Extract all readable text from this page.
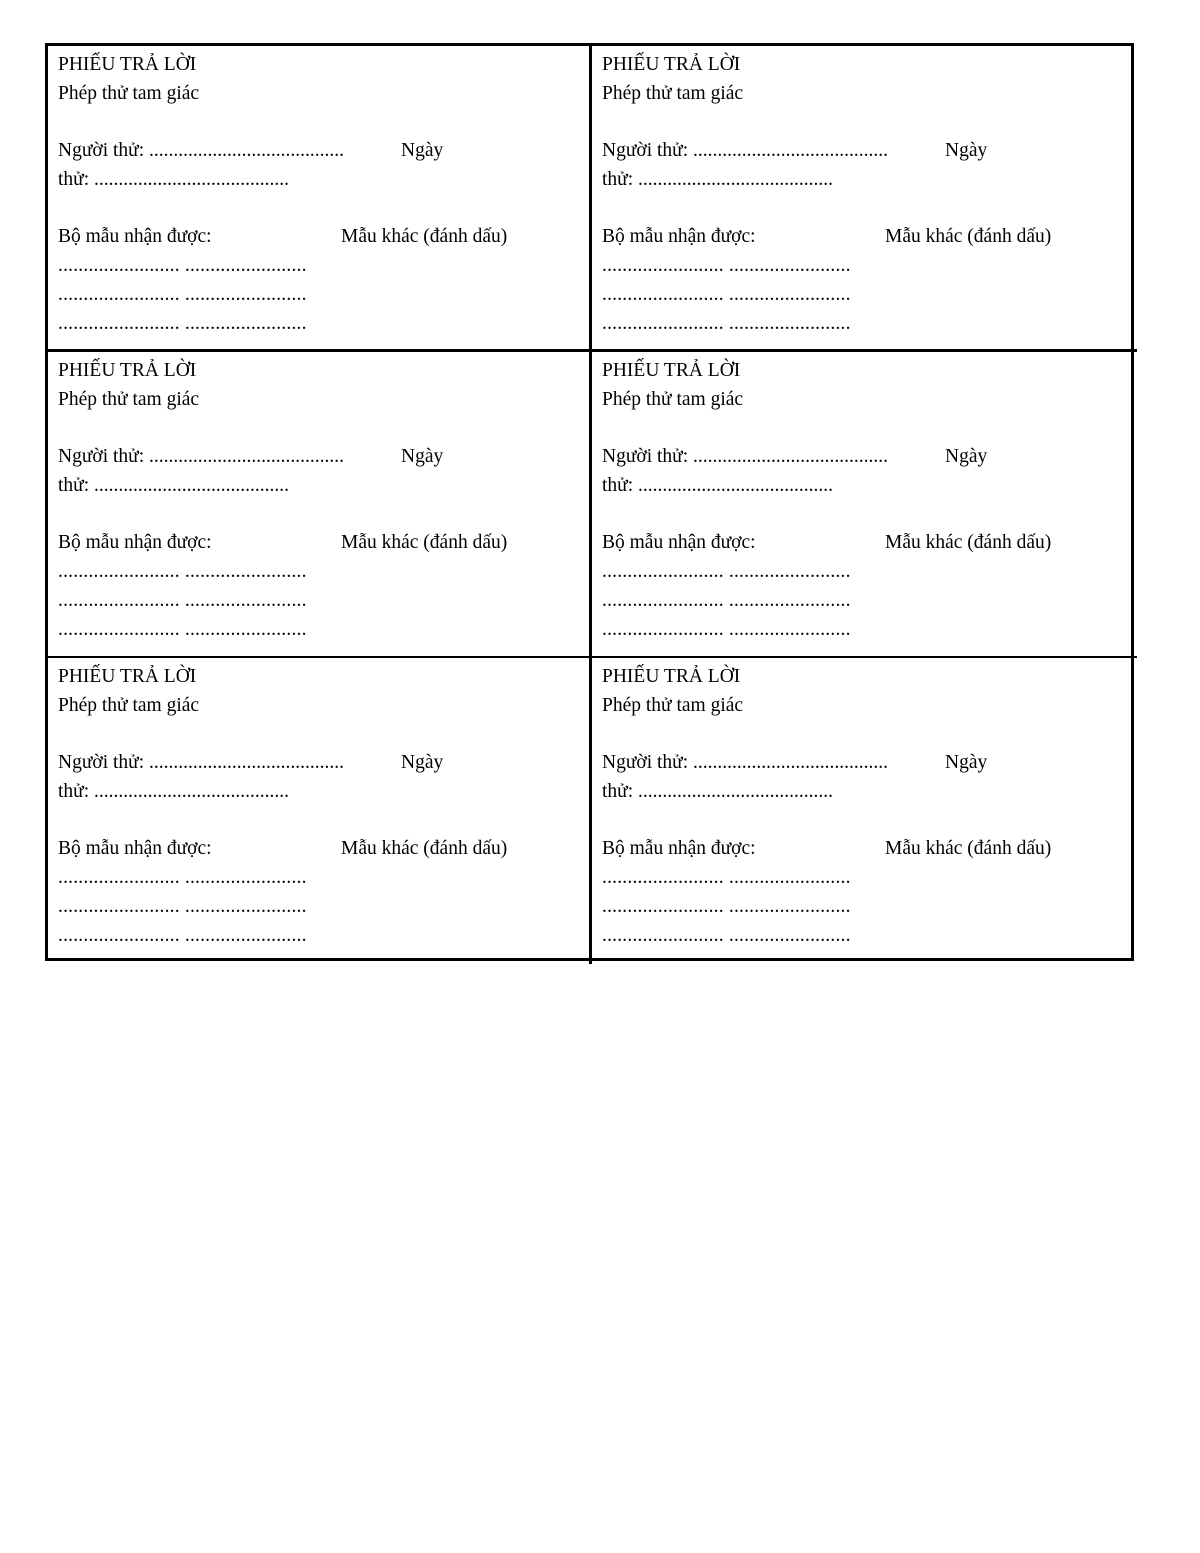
PHIẾU TRẢ LỜI
Phép thử tam giác
Người thử: ........................................	Ngày
thử: ........................................
Bộ mẫu nhận được:	Mẫu khác (đánh dấu)
........................ ........................
........................ ........................
........................ ........................
PHIẾU TRẢ LỜI
Phép thử tam giác
Người thử: ........................................	Ngày
thử: ........................................
Bộ mẫu nhận được:	Mẫu khác (đánh dấu)
........................ ........................
........................ ........................
........................ ........................
PHIẾU TRẢ LỜI
Phép thử tam giác
Người thử: ........................................	Ngày
thử: ........................................
Bộ mẫu nhận được:	Mẫu khác (đánh dấu)
........................ ........................
........................ ........................
........................ ........................
PHIẾU TRẢ LỜI
Phép thử tam giác
Người thử: ........................................	Ngày
thử: ........................................
Bộ mẫu nhận được:	Mẫu khác (đánh dấu)
........................ ........................
........................ ........................
........................ ........................
PHIẾU TRẢ LỜI
Phép thử tam giác
Người thử: ........................................	Ngày
thử: ........................................
Bộ mẫu nhận được:	Mẫu khác (đánh dấu)
........................ ........................
........................ ........................
........................ ........................
PHIẾU TRẢ LỜI
Phép thử tam giác
Người thử: ........................................	Ngày
thử: ........................................
Bộ mẫu nhận được:	Mẫu khác (đánh dấu)
........................ ........................
........................ ........................
........................ ........................
